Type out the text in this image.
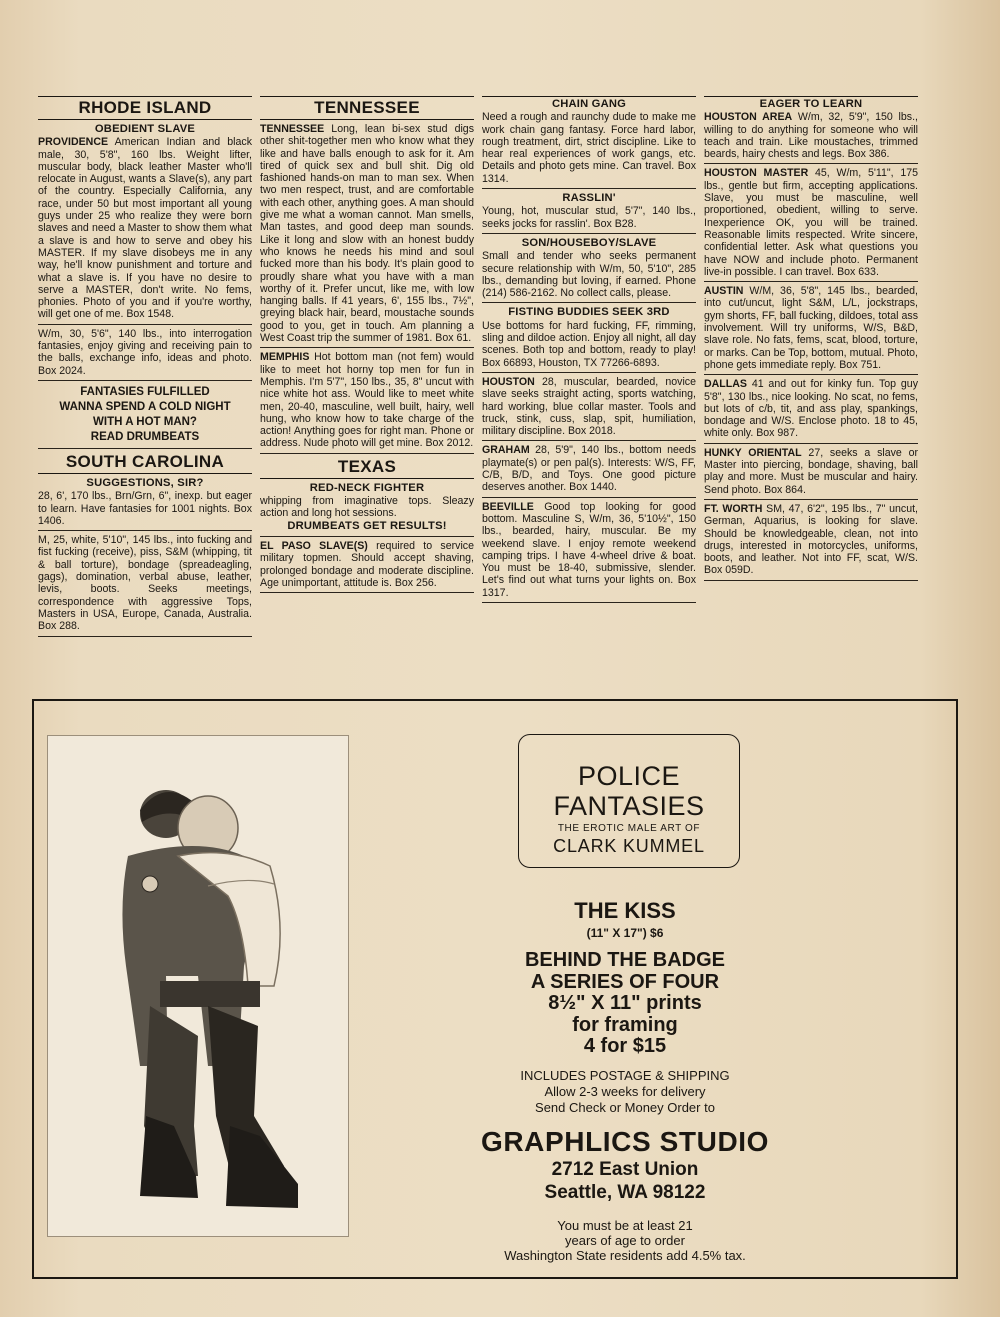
RHODE ISLAND
OBEDIENT SLAVE
PROVIDENCE American Indian and black male, 30, 5'8", 160 lbs. Weight lifter, muscular body, black leather Master who'll relocate in August, wants a Slave(s), any part of the country. Especially California, any race, under 50 but most important all young guys under 25 who realize they were born slaves and need a Master to show them what a slave is and how to serve and obey his MASTER. If my slave disobeys me in any way, he'll know punishment and torture and what a slave is. If you have no desire to serve a MASTER, don't write. No fems, phonies. Photo of you and if you're worthy, will get one of me. Box 1548.
W/m, 30, 5'6", 140 lbs., into interrogation fantasies, enjoy giving and receiving pain to the balls, exchange info, ideas and photo. Box 2024.
FANTASIES FULFILLED
WANNA SPEND A COLD NIGHT
WITH A HOT MAN?
READ DRUMBEATS
SOUTH CAROLINA
SUGGESTIONS, SIR?
28, 6', 170 lbs., Brn/Grn, 6", inexp. but eager to learn. Have fantasies for 1001 nights. Box 1406.
M, 25, white, 5'10", 145 lbs., into fucking and fist fucking (receive), piss, S&M (whipping, tit & ball torture), bondage (spreadeagling, gags), domination, verbal abuse, leather, levis, boots. Seeks meetings, correspondence with aggressive Tops, Masters in USA, Europe, Canada, Australia. Box 288.
TENNESSEE
TENNESSEE Long, lean bi-sex stud digs other shit-together men who know what they like and have balls enough to ask for it. Am tired of quick sex and bull shit. Dig old fashioned hands-on man to man sex. When two men respect, trust, and are comfortable with each other, anything goes. A man should give me what a woman cannot. Man smells, Man tastes, and good deep man sounds. Like it long and slow with an honest buddy who knows he needs his mind and soul fucked more than his body. It's plain good to proudly share what you have with a man worthy of it. Prefer uncut, like me, with low hanging balls. If 41 years, 6', 155 lbs., 7½", greying black hair, beard, moustache sounds good to you, get in touch. Am planning a West Coast trip the summer of 1981. Box 61.
MEMPHIS Hot bottom man (not fem) would like to meet hot horny top men for fun in Memphis. I'm 5'7", 150 lbs., 35, 8" uncut with nice white hot ass. Would like to meet white men, 20-40, masculine, well built, hairy, well hung, who know how to take charge of the action! Anything goes for right man. Phone or address. Nude photo will get mine. Box 2012.
TEXAS
RED-NECK FIGHTER
whipping from imaginative tops. Sleazy action and long hot sessions.
DRUMBEATS GET RESULTS!
EL PASO SLAVE(S) required to service military topmen. Should accept shaving, prolonged bondage and moderate discipline. Age unimportant, attitude is. Box 256.
CHAIN GANG
Need a rough and raunchy dude to make me work chain gang fantasy. Force hard labor, rough treatment, dirt, strict discipline. Like to hear real experiences of work gangs, etc. Details and photo gets mine. Can travel. Box 1314.
RASSLIN'
Young, hot, muscular stud, 5'7", 140 lbs., seeks jocks for rasslin'. Box B28.
SON/HOUSEBOY/SLAVE
Small and tender who seeks permanent secure relationship with W/m, 50, 5'10", 285 lbs., demanding but loving, if earned. Phone (214) 586-2162. No collect calls, please.
FISTING BUDDIES SEEK 3RD
Use bottoms for hard fucking, FF, rimming, sling and dildoe action. Enjoy all night, all day scenes. Both top and bottom, ready to play! Box 66893, Houston, TX 77266-6893.
HOUSTON 28, muscular, bearded, novice slave seeks straight acting, sports watching, hard working, blue collar master. Tools and truck, stink, cuss, slap, spit, humiliation, military discipline. Box 2018.
GRAHAM 28, 5'9", 140 lbs., bottom needs playmate(s) or pen pal(s). Interests: W/S, FF, C/B, B/D, and Toys. One good picture deserves another. Box 1440.
BEEVILLE Good top looking for good bottom. Masculine S, W/m, 36, 5'10½", 150 lbs., bearded, hairy, muscular. Be my weekend slave. I enjoy remote weekend camping trips. I have 4-wheel drive & boat. You must be 18-40, submissive, slender. Let's find out what turns your lights on. Box 1317.
EAGER TO LEARN
HOUSTON AREA W/m, 32, 5'9", 150 lbs., willing to do anything for someone who will teach and train. Like moustaches, trimmed beards, hairy chests and legs. Box 386.
HOUSTON MASTER 45, W/m, 5'11", 175 lbs., gentle but firm, accepting applications. Slave, you must be masculine, well proportioned, obedient, willing to serve. Inexperience OK, you will be trained. Reasonable limits respected. Write sincere, confidential letter. Ask what questions you have NOW and include photo. Permanent live-in possible. I can travel. Box 633.
AUSTIN W/M, 36, 5'8", 145 lbs., bearded, into cut/uncut, light S&M, L/L, jockstraps, gym shorts, FF, ball fucking, dildoes, total ass involvement. Will try uniforms, W/S, B&D, slave role. No fats, fems, scat, blood, torture, or marks. Can be Top, bottom, mutual. Photo, phone gets immediate reply. Box 751.
DALLAS 41 and out for kinky fun. Top guy 5'8", 130 lbs., nice looking. No scat, no fems, but lots of c/b, tit, and ass play, spankings, bondage and W/S. Enclose photo. 18 to 45, white only. Box 987.
HUNKY ORIENTAL 27, seeks a slave or Master into piercing, bondage, shaving, ball play and more. Must be muscular and hairy. Send photo. Box 864.
FT. WORTH SM, 47, 6'2", 195 lbs., 7" uncut, German, Aquarius, is looking for slave. Should be knowledgeable, clean, not into drugs, interested in motorcycles, uniforms, boots, and leather. Not into FF, scat, W/S. Box 059D.
POLICE
FANTASIES
THE EROTIC MALE ART OF
CLARK KUMMEL
THE KISS
(11" X 17") $6
BEHIND THE BADGE
A SERIES OF FOUR
8½" X 11" prints
for framing
4 for $15
INCLUDES POSTAGE & SHIPPING
Allow 2-3 weeks for delivery
Send Check or Money Order to
GRAPHLICS STUDIO
2712 East Union
Seattle, WA 98122
You must be at least 21
years of age to order
Washington State residents add 4.5% tax.
